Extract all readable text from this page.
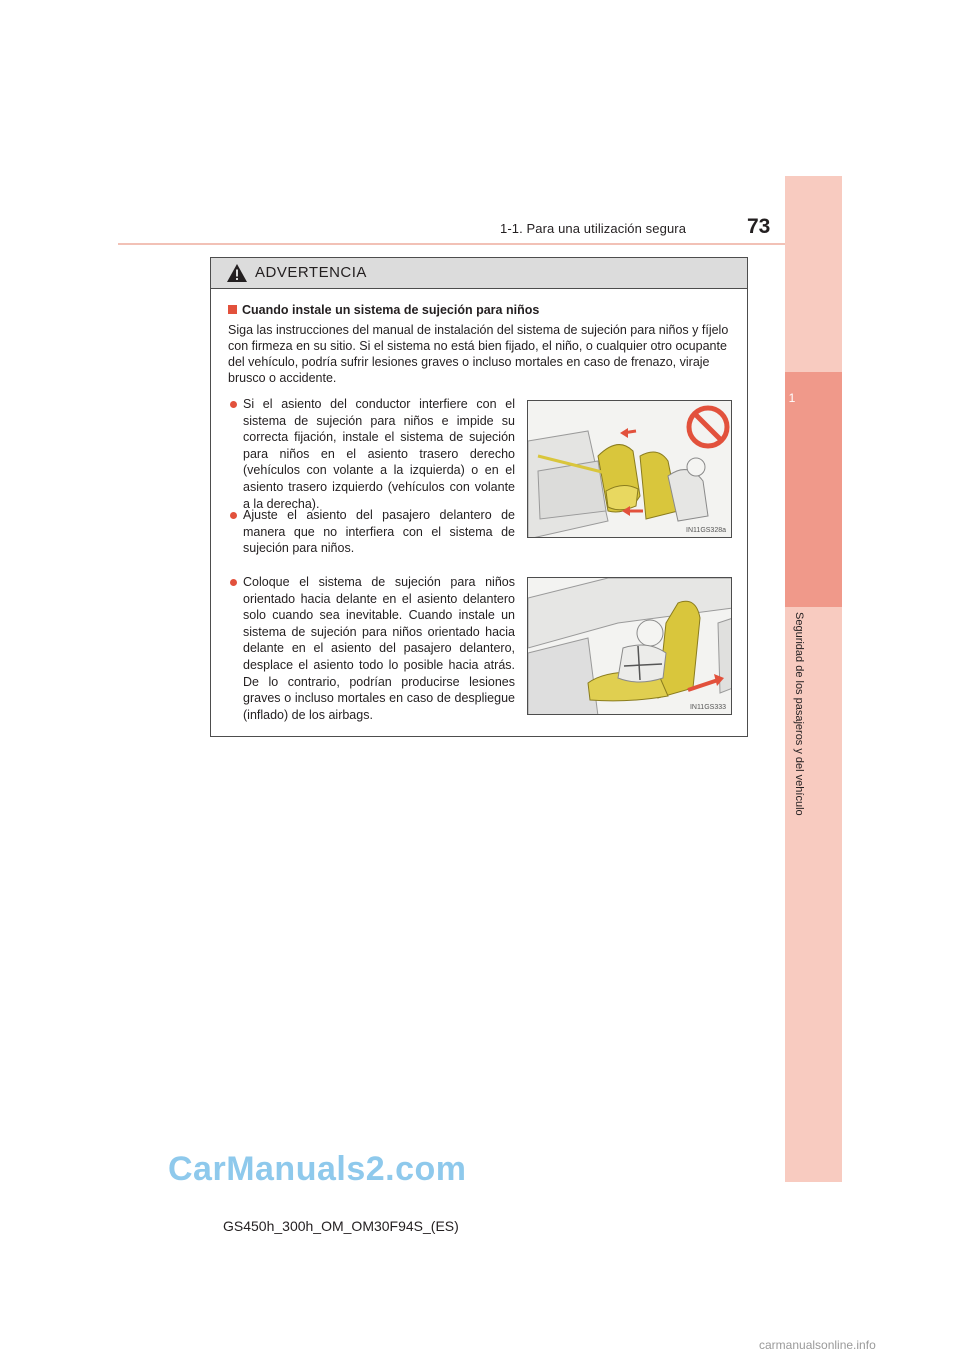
1-1. Para una utilización segura	73
1
Seguridad de los pasajeros y del vehículo
ADVERTENCIA
Cuando instale un sistema de sujeción para niños

Siga las instrucciones del manual de instalación del sistema de sujeción para niños y fíjelo con firmeza en su sitio. Si el sistema no está bien fijado, el niño, o cualquier otro ocupante del vehículo, podría sufrir lesiones graves o incluso mortales en caso de frenazo, viraje brusco o accidente.

Si el asiento del conductor interfiere con el sistema de sujeción para niños e impide su correcta fijación, instale el sistema de sujeción para niños en el asiento trasero derecho (vehículos con volante a la izquierda) o en el asiento trasero izquierdo (vehículos con volante a la derecha).

Ajuste el asiento del pasajero delantero de manera que no interfiera con el sistema de sujeción para niños.

Coloque el sistema de sujeción para niños orientado hacia delante en el asiento delantero solo cuando sea inevitable. Cuando instale un sistema de sujeción para niños orientado hacia delante en el asiento del pasajero delantero, desplace el asiento todo lo posible hacia atrás. De lo contrario, podrían producirse lesiones graves o incluso mortales en caso de despliegue (inflado) de los airbags.

IN11GS328a
IN11GS333
GS450h_300h_OM_OM30F94S_(ES)
CarManuals2.com
carmanualsonline.info
